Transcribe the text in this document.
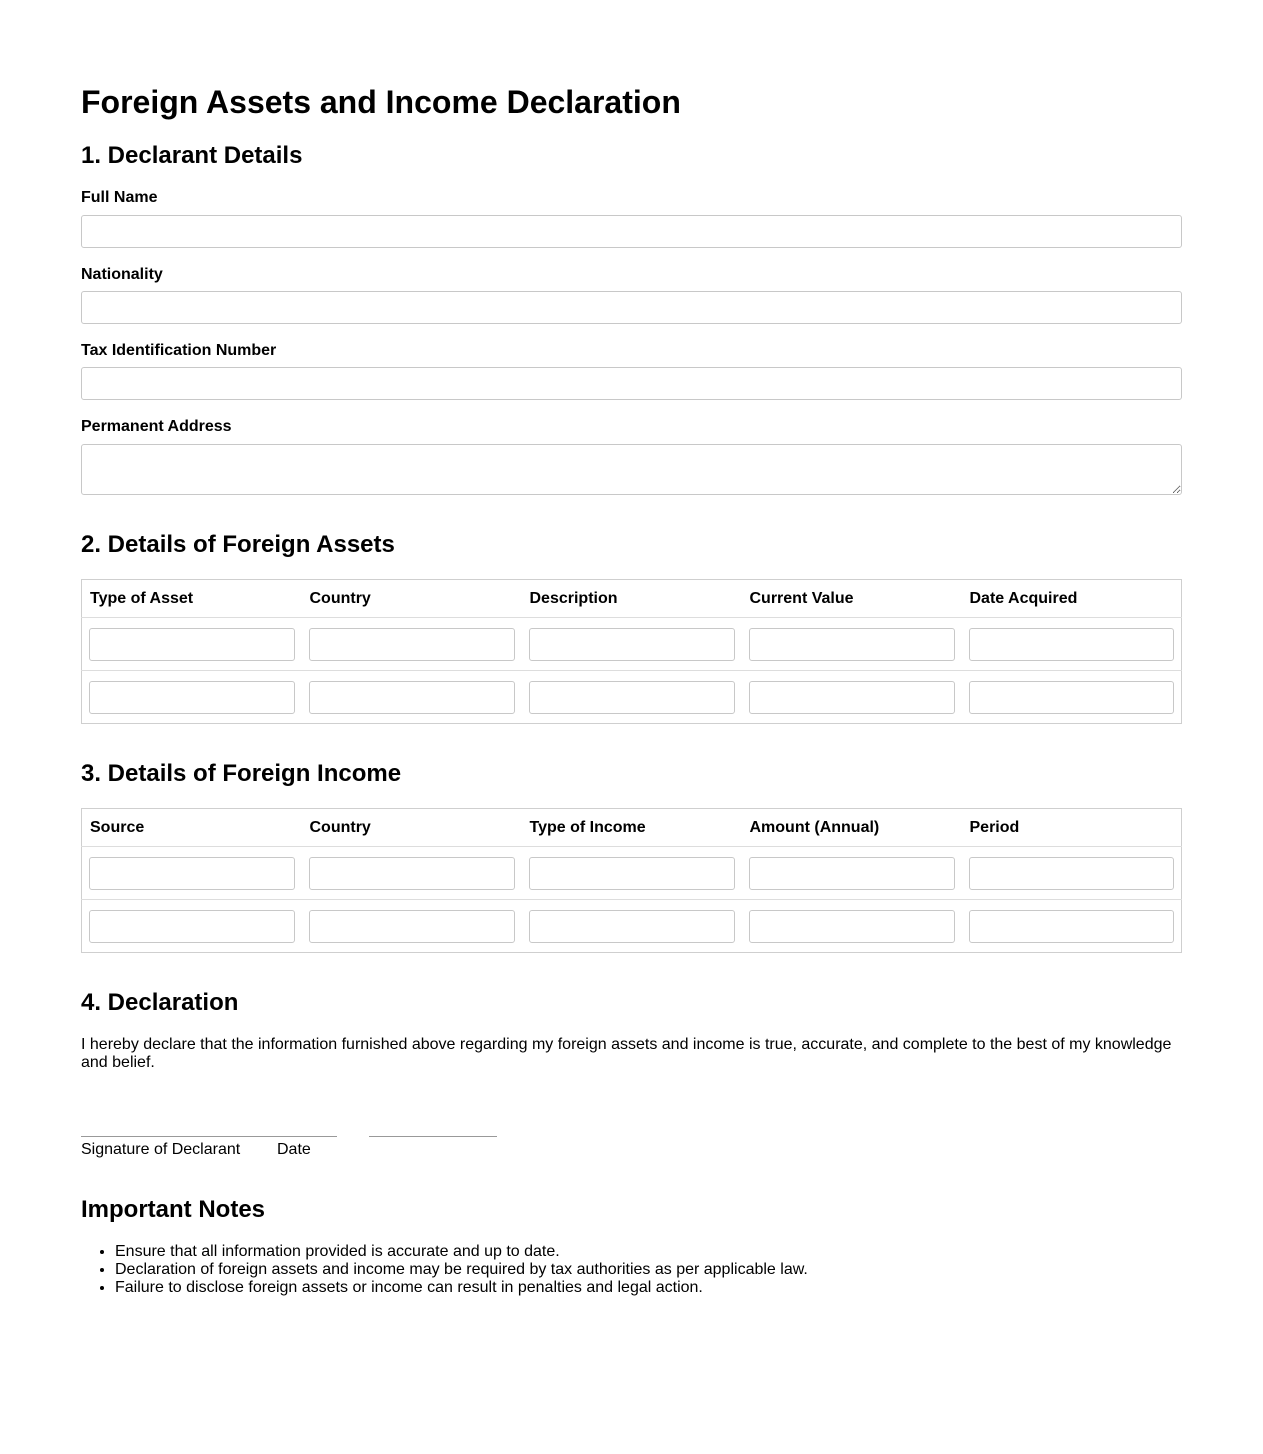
Foreign Assets and Income Declaration
1. Declarant Details
Full Name
Nationality
Tax Identification Number
Permanent Address
2. Details of Foreign Assets
Type of Asset	Country	Description	Current Value	Date Acquired

3. Details of Foreign Income
Source	Country	Type of Income	Amount (Annual)	Period

4. Declaration

I hereby declare that the information furnished above regarding my foreign assets and income is true, accurate, and complete to the best of my knowledge and belief.

Signature of Declarant Date
Important Notes
• Ensure that all information provided is accurate and up to date.
• Declaration of foreign assets and income may be required by tax authorities as per applicable law.
• Failure to disclose foreign assets or income can result in penalties and legal action.
